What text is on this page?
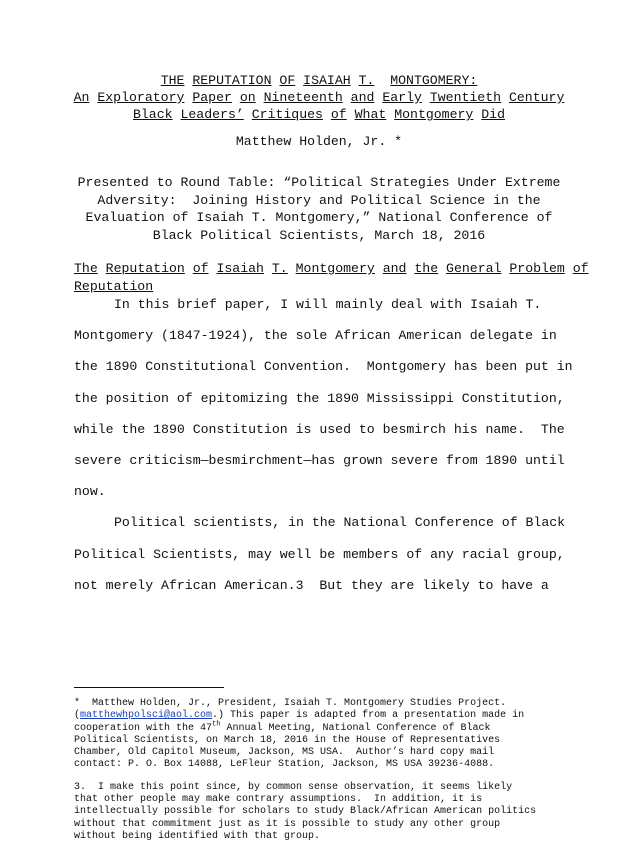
THE REPUTATION OF ISAIAH T. MONTGOMERY:
An Exploratory Paper on Nineteenth and Early Twentieth Century
Black Leaders’ Critiques of What Montgomery Did
Matthew Holden, Jr. *
Presented to Round Table: “Political Strategies Under Extreme
Adversity:  Joining History and Political Science in the
Evaluation of Isaiah T. Montgomery,” National Conference of
Black Political Scientists, March 18, 2016
The Reputation of Isaiah T. Montgomery and the General Problem of
Reputation
In this brief paper, I will mainly deal with Isaiah T.
Montgomery (1847-1924), the sole African American delegate in
the 1890 Constitutional Convention.  Montgomery has been put in
the position of epitomizing the 1890 Mississippi Constitution,
while the 1890 Constitution is used to besmirch his name.  The
severe criticism—besmirchment—has grown severe from 1890 until
now.
Political scientists, in the National Conference of Black
Political Scientists, may well be members of any racial group,
not merely African American.3  But they are likely to have a
*  Matthew Holden, Jr., President, Isaiah T. Montgomery Studies Project.
(matthewhpolsci@aol.com.) This paper is adapted from a presentation made in
cooperation with the 47th Annual Meeting, National Conference of Black
Political Scientists, on March 18, 2016 in the House of Representatives
Chamber, Old Capitol Museum, Jackson, MS USA.  Author’s hard copy mail
contact: P. O. Box 14088, LeFleur Station, Jackson, MS USA 39236-4088.
3.  I make this point since, by common sense observation, it seems likely
that other people may make contrary assumptions.  In addition, it is
intellectually possible for scholars to study Black/African American politics
without that commitment just as it is possible to study any other group
without being identified with that group.
